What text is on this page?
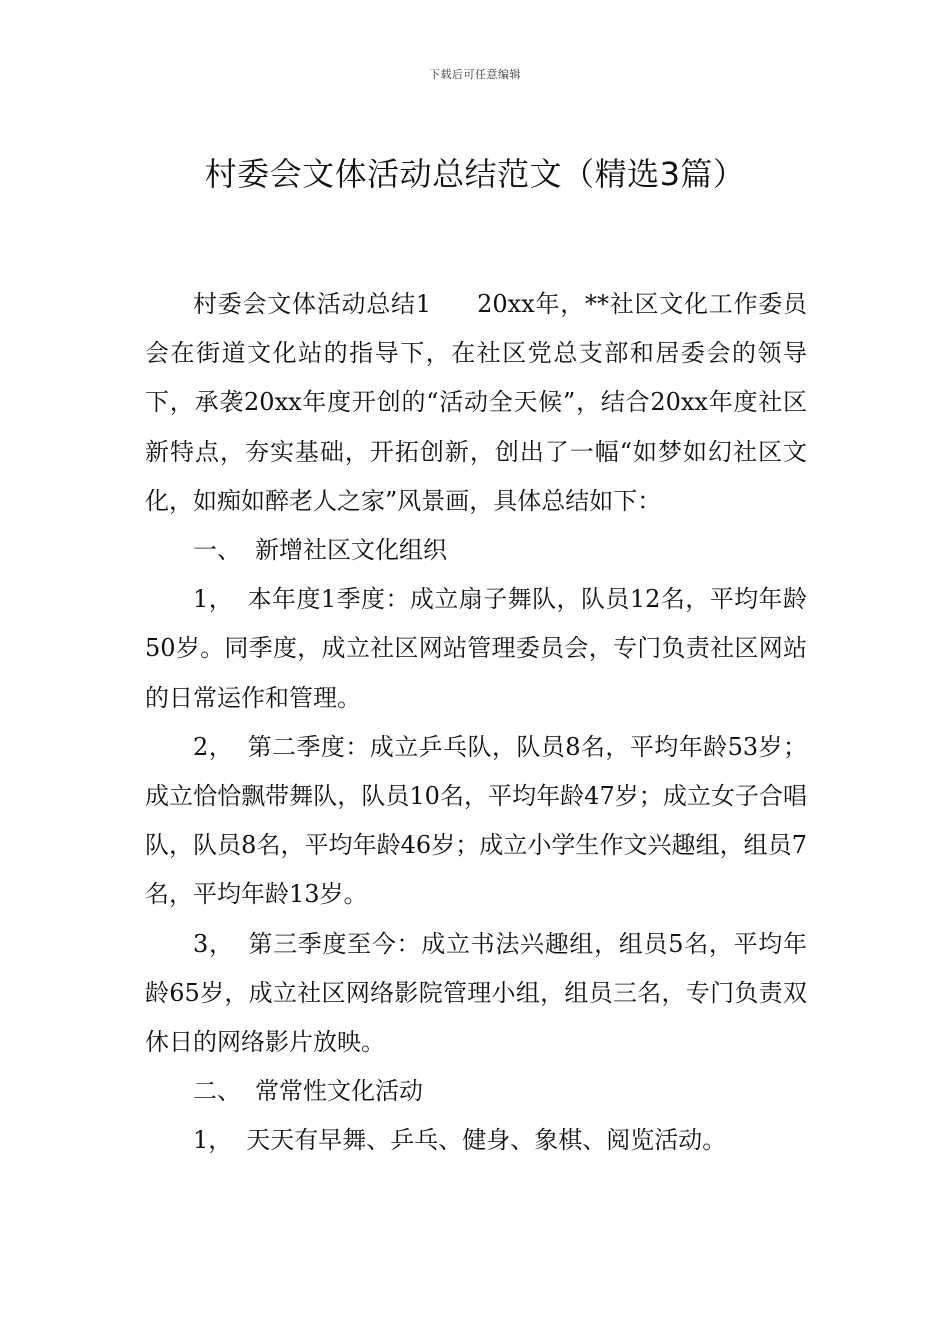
下载后可任意编辑
村委会文体活动总结范文（精选3篇）

村委会文体活动总结1 20xx年，**社区文化工作委员会在街道文化站的指导下，在社区党总支部和居委会的领导下，承袭20xx年度开创的“活动全天候”，结合20xx年度社区新特点，夯实基础，开拓创新，创出了一幅“如梦如幻社区文化，如痴如醉老人之家”风景画，具体总结如下：

一、 新增社区文化组织

1， 本年度1季度：成立扇子舞队，队员12名，平均年龄50岁。同季度，成立社区网站管理委员会，专门负责社区网站的日常运作和管理。

2， 第二季度：成立乒乓队，队员8名，平均年龄53岁；成立恰恰飘带舞队，队员10名，平均年龄47岁；成立女子合唱队，队员8名，平均年龄46岁；成立小学生作文兴趣组，组员7名，平均年龄13岁。

3， 第三季度至今：成立书法兴趣组，组员5名，平均年龄65岁，成立社区网络影院管理小组，组员三名，专门负责双休日的网络影片放映。

二、 常常性文化活动

1， 天天有早舞、乒乓、健身、象棋、阅览活动。
